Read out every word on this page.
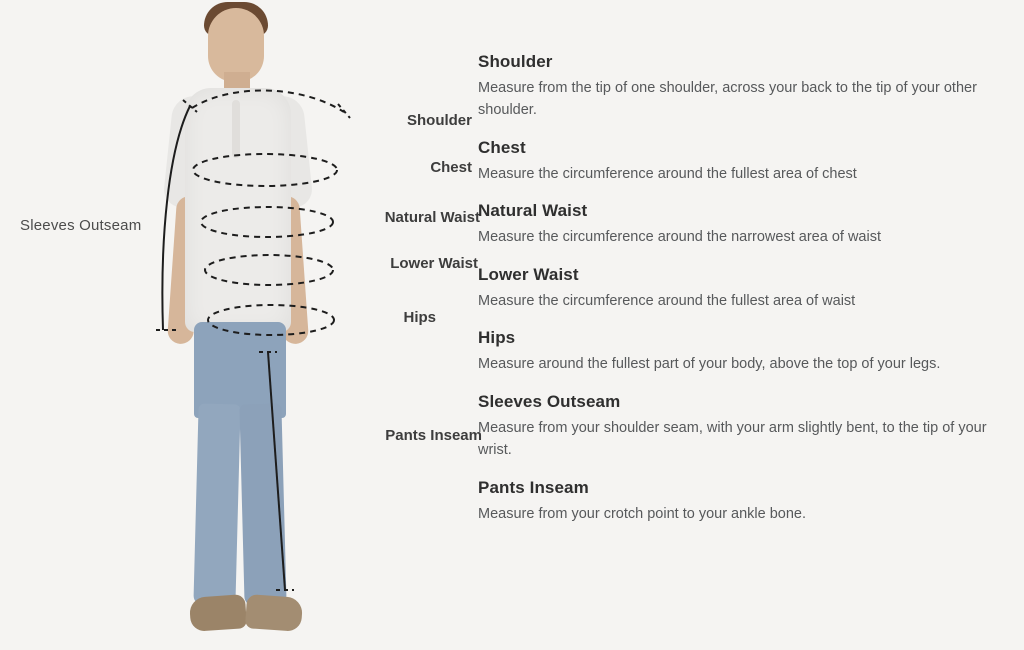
Sleeves Outseam
Shoulder
Chest
Natural Waist
Lower Waist
Hips
Pants Inseam

Shoulder

Measure from the tip of one shoulder, across your back to the tip of your other shoulder.

Chest

Measure the circumference around the fullest area of chest

Natural Waist

Measure the circumference around the narrowest area of waist

Lower Waist

Measure the circumference around the fullest area of waist

Hips

Measure around the fullest part of your body, above the top of your legs.

Sleeves Outseam

Measure from your shoulder seam, with your arm slightly bent, to the tip of your wrist.

Pants Inseam

Measure from your crotch point to your ankle bone.
